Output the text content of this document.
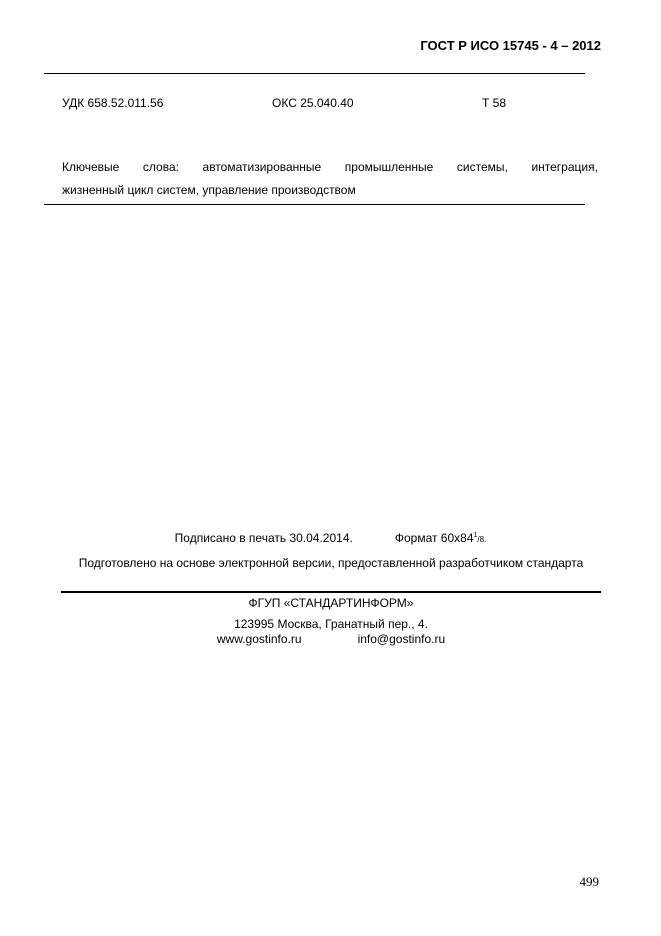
ГОСТ Р ИСО 15745 - 4 – 2012
УДК 658.52.011.56	ОКС 25.040.40	Т 58
Ключевые слова: автоматизированные промышленные системы, интеграция,
жизненный цикл систем, управление производством
Подписано в печать 30.04.2014.	Формат $60х84^1/8$.
Подготовлено на основе электронной версии, предоставленной разработчиком стандарта
ФГУП «СТАНДАРТИНФОРМ»
123995 Москва, Гранатный пер., 4.
www.gostinfo.ru	info@gostinfo.ru
499
